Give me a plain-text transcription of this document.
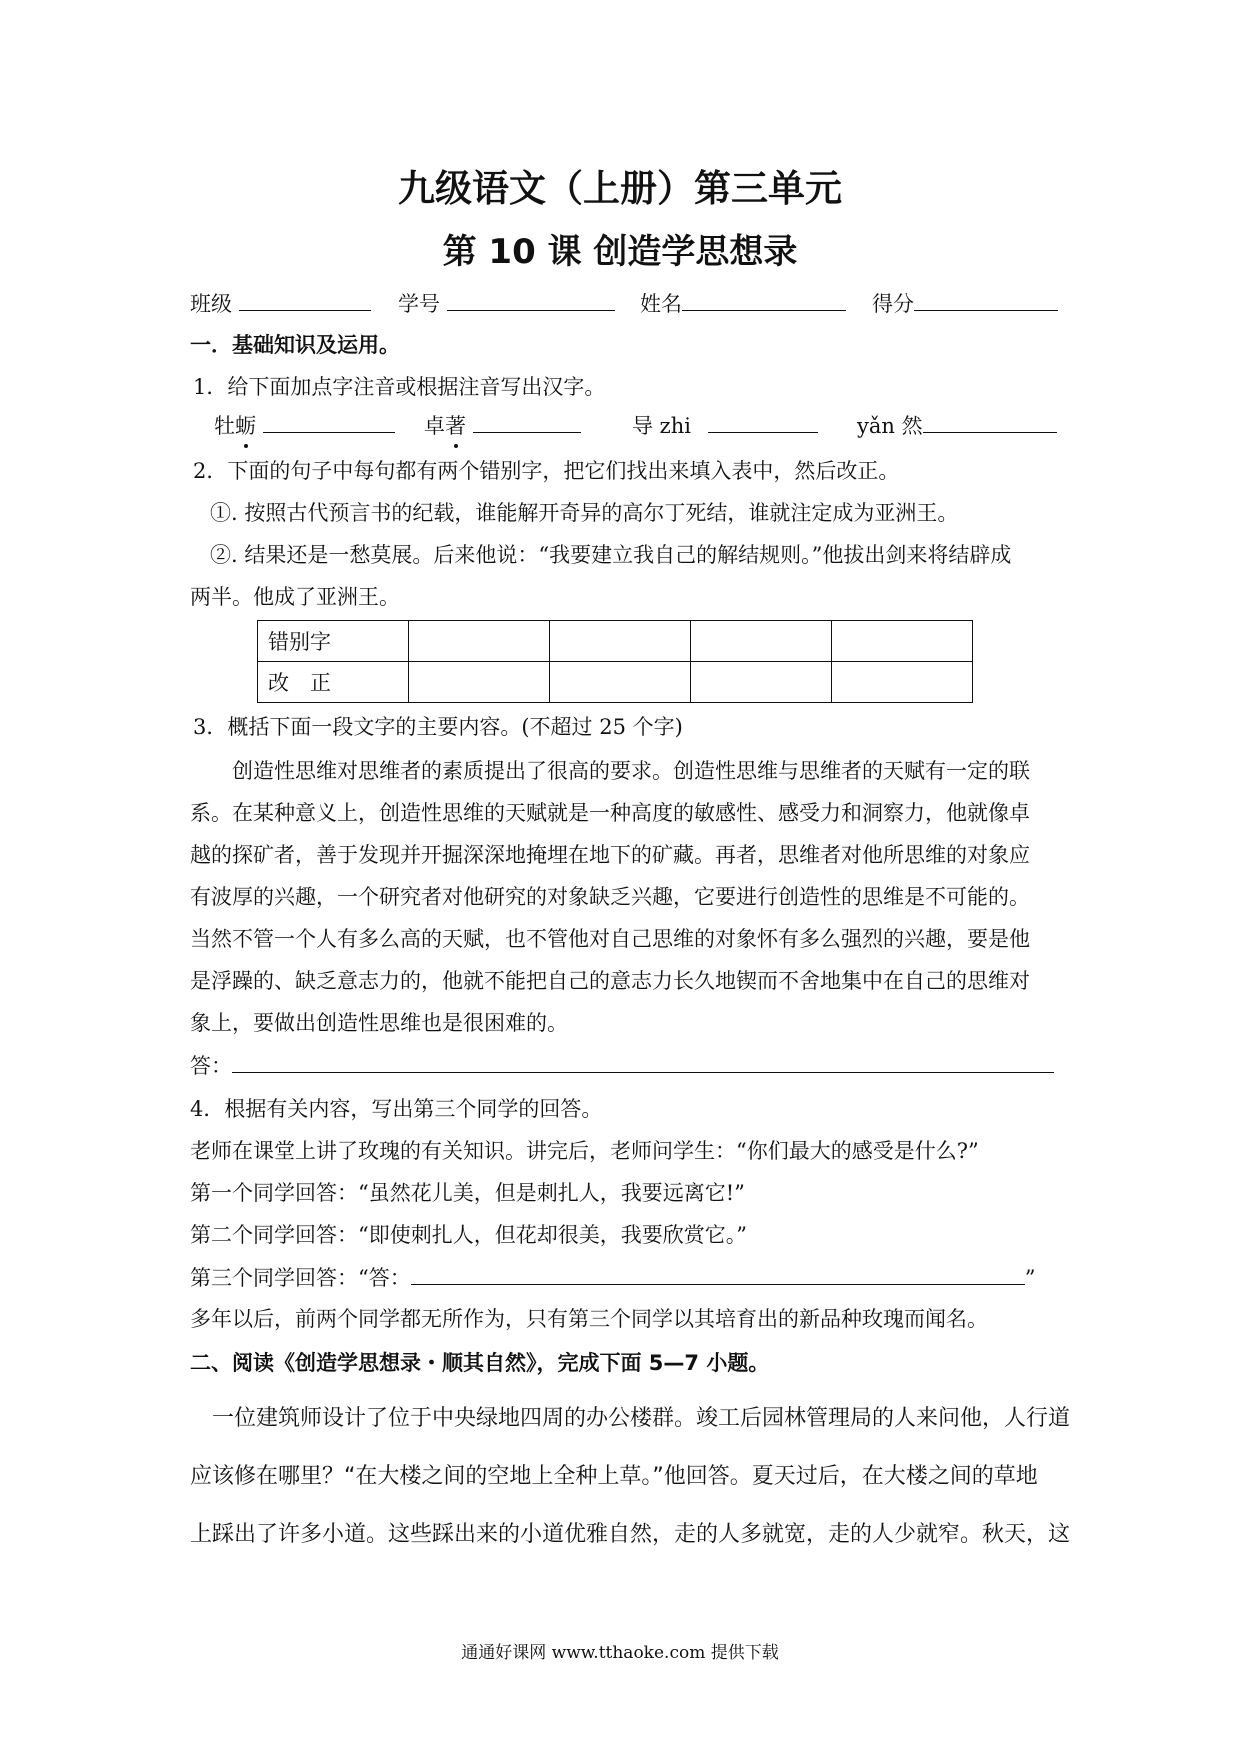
九级语文（上册）第三单元
第 10 课 创造学思想录
班级	学号	姓名	得分
一．基础知识及运用。
1．给下面加点字注音或根据注音写出汉字。
牡蛎	卓著	导 zhi	yǎn 然
2．下面的句子中每句都有两个错别字，把它们找出来填入表中，然后改正。
①. 按照古代预言书的纪载，谁能解开奇异的高尔丁死结，谁就注定成为亚洲王。
②. 结果还是一愁莫展。后来他说：“我要建立我自己的解结规则。”他拔出剑来将结辟成
两半。他成了亚洲王。
错别字				
改　正				
3．概括下面一段文字的主要内容。(不超过 25 个字)
　　创造性思维对思维者的素质提出了很高的要求。创造性思维与思维者的天赋有一定的联
系。在某种意义上，创造性思维的天赋就是一种高度的敏感性、感受力和洞察力，他就像卓
越的探矿者，善于发现并开掘深深地掩埋在地下的矿藏。再者，思维者对他所思维的对象应
有波厚的兴趣，一个研究者对他研究的对象缺乏兴趣，它要进行创造性的思维是不可能的。
当然不管一个人有多么高的天赋，也不管他对自己思维的对象怀有多么强烈的兴趣，要是他
是浮躁的、缺乏意志力的，他就不能把自己的意志力长久地锲而不舍地集中在自己的思维对
象上，要做出创造性思维也是很困难的。
答：
4．根据有关内容，写出第三个同学的回答。
老师在课堂上讲了玫瑰的有关知识。讲完后，老师问学生：“你们最大的感受是什么?”
第一个同学回答：“虽然花儿美，但是刺扎人，我要远离它!”
第二个同学回答：“即使刺扎人，但花却很美，我要欣赏它。”
第三个同学回答：“答：	”
多年以后，前两个同学都无所作为，只有第三个同学以其培育出的新品种玫瑰而闻名。
二、阅读《创造学思想录・顺其自然》，完成下面 5—7 小题。
　一位建筑师设计了位于中央绿地四周的办公楼群。竣工后园林管理局的人来问他，人行道
应该修在哪里？“在大楼之间的空地上全种上草。”他回答。夏天过后，在大楼之间的草地
上踩出了许多小道。这些踩出来的小道优雅自然，走的人多就宽，走的人少就窄。秋天，这
通通好课网 www.tthaoke.com 提供下载
